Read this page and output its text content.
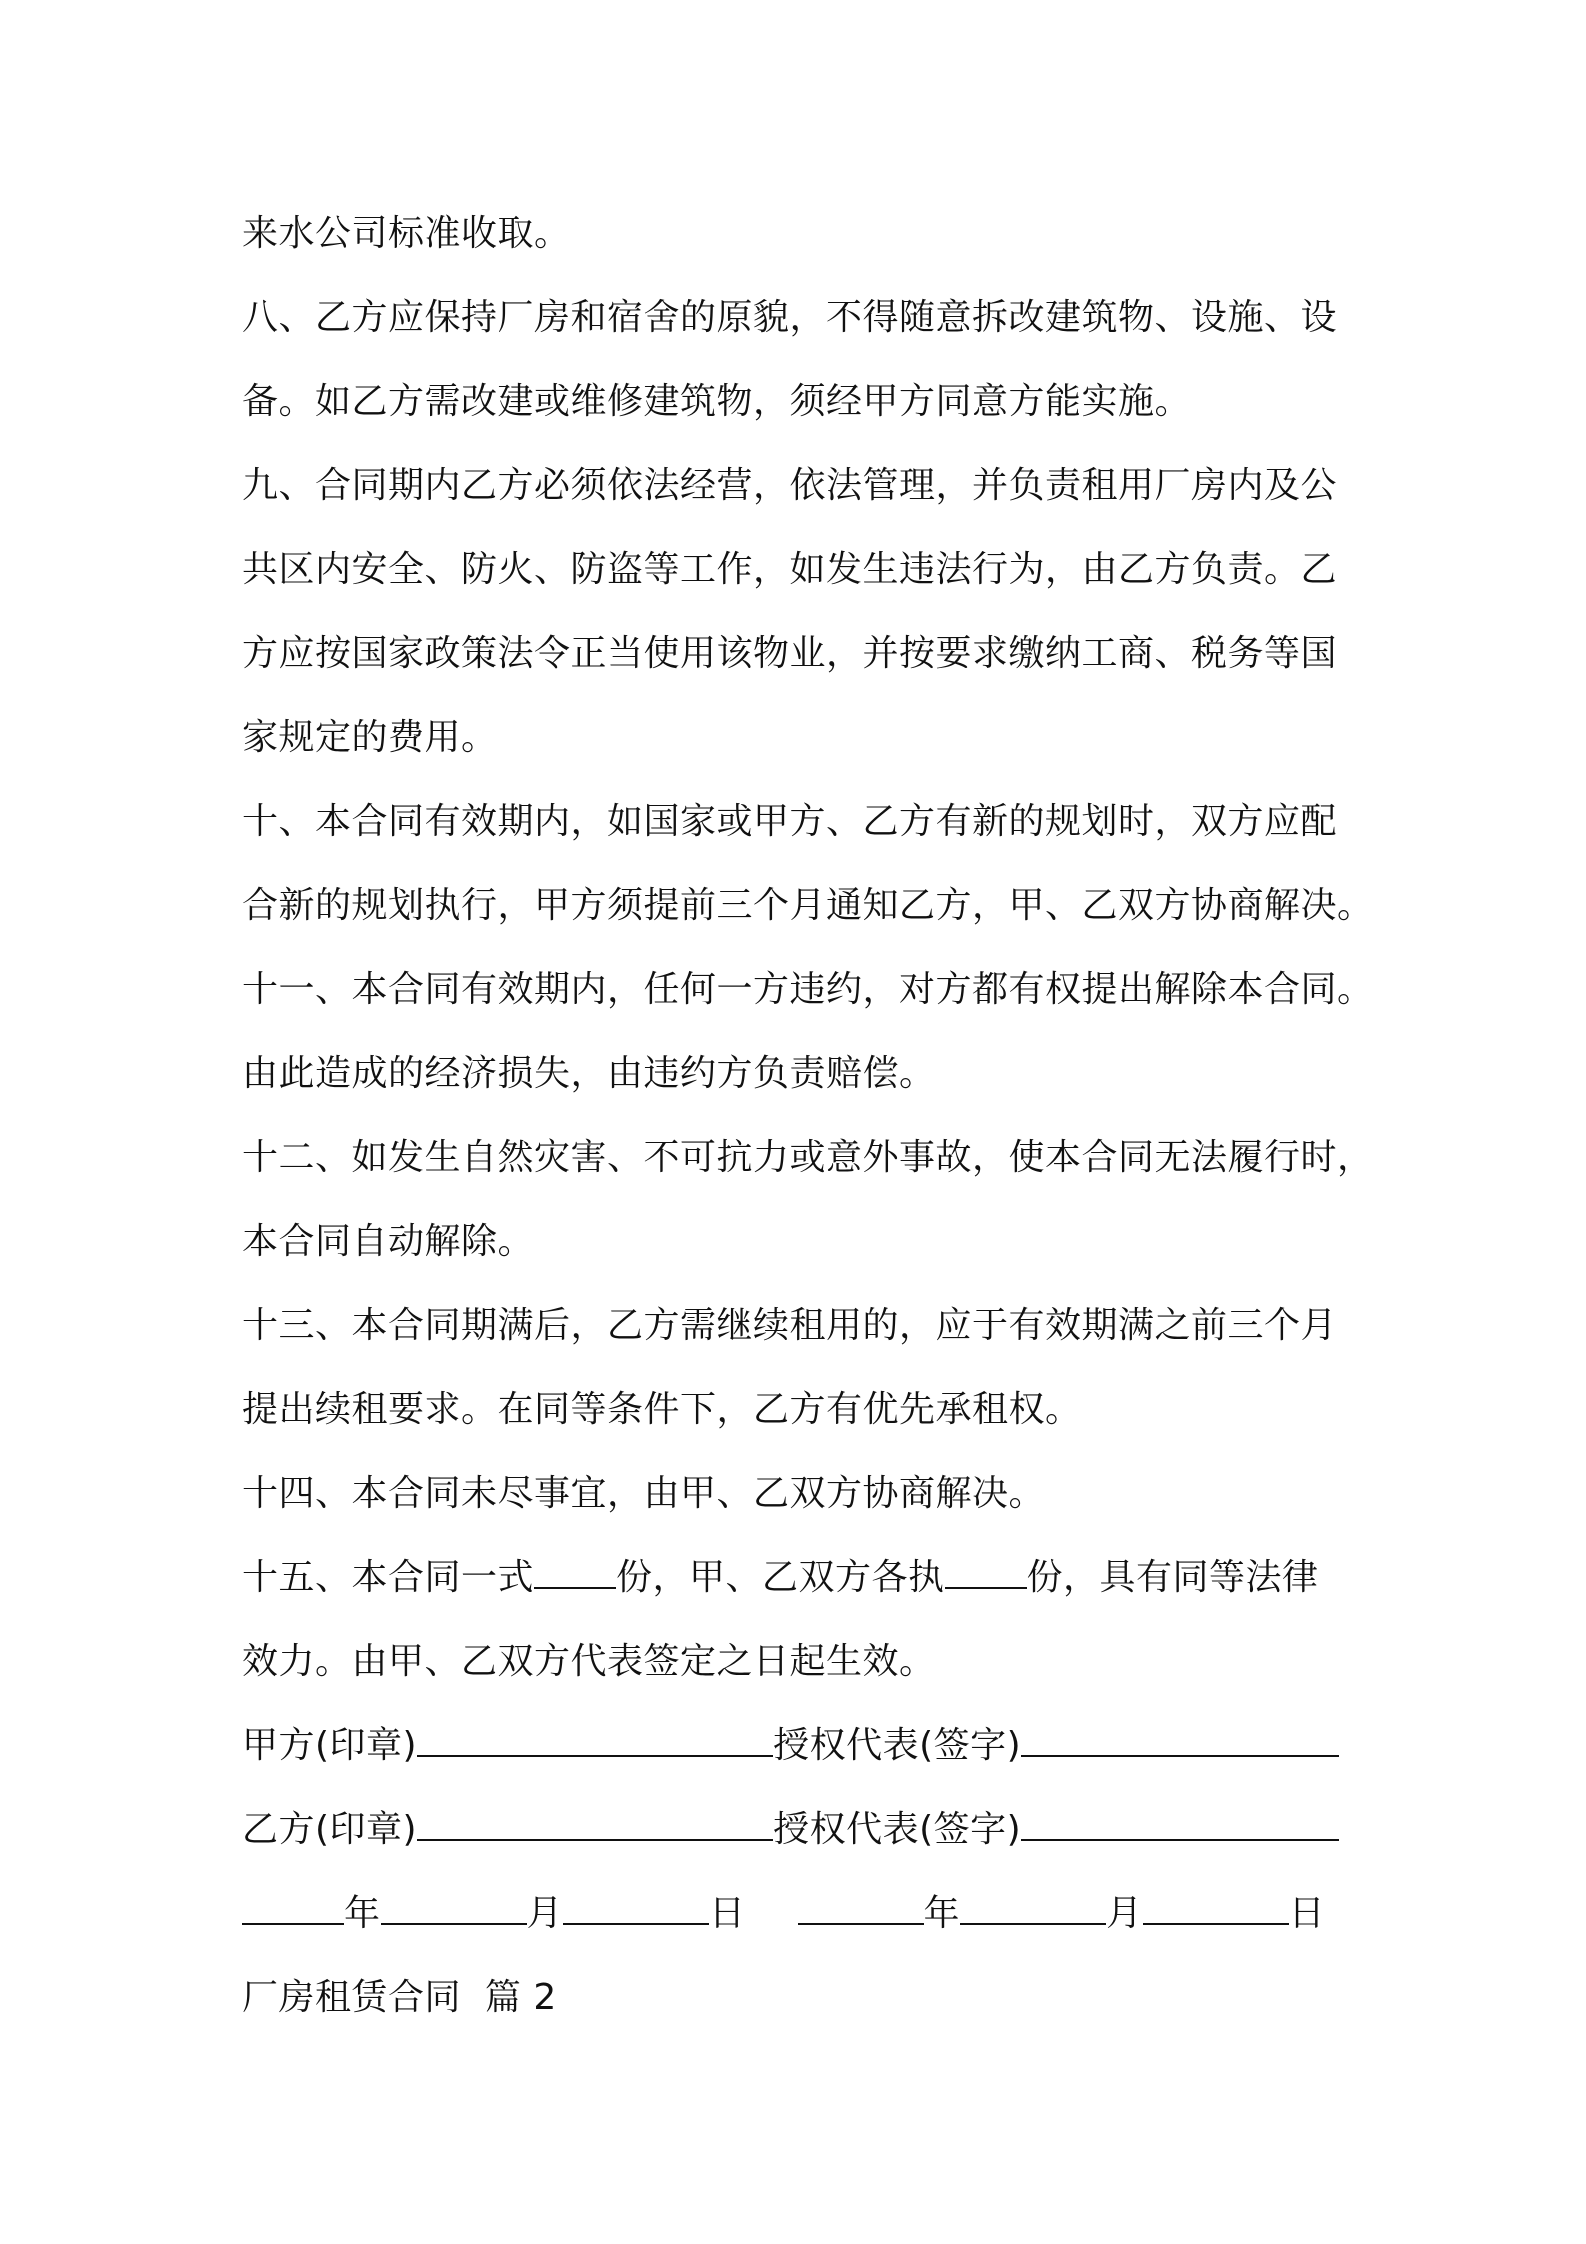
来水公司标准收取。
八、乙方应保持厂房和宿舍的原貌，不得随意拆改建筑物、设施、设
备。如乙方需改建或维修建筑物，须经甲方同意方能实施。
九、合同期内乙方必须依法经营，依法管理，并负责租用厂房内及公
共区内安全、防火、防盗等工作，如发生违法行为，由乙方负责。乙
方应按国家政策法令正当使用该物业，并按要求缴纳工商、税务等国
家规定的费用。
十、本合同有效期内，如国家或甲方、乙方有新的规划时，双方应配
合新的规划执行，甲方须提前三个月通知乙方，甲、乙双方协商解决。
十一、本合同有效期内，任何一方违约，对方都有权提出解除本合同。
由此造成的经济损失，由违约方负责赔偿。
十二、如发生自然灾害、不可抗力或意外事故，使本合同无法履行时，
本合同自动解除。
十三、本合同期满后，乙方需继续租用的，应于有效期满之前三个月
提出续租要求。在同等条件下，乙方有优先承租权。
十四、本合同未尽事宜，由甲、乙双方协商解决。
十五、本合同一式 份，甲、乙双方各执 份，具有同等法律
效力。由甲、乙双方代表签定之日起生效。
甲方(印章)	授权代表(签字)
乙方(印章)	授权代表(签字)
年	月	日	年	月	日
厂房租赁合同  篇 2
